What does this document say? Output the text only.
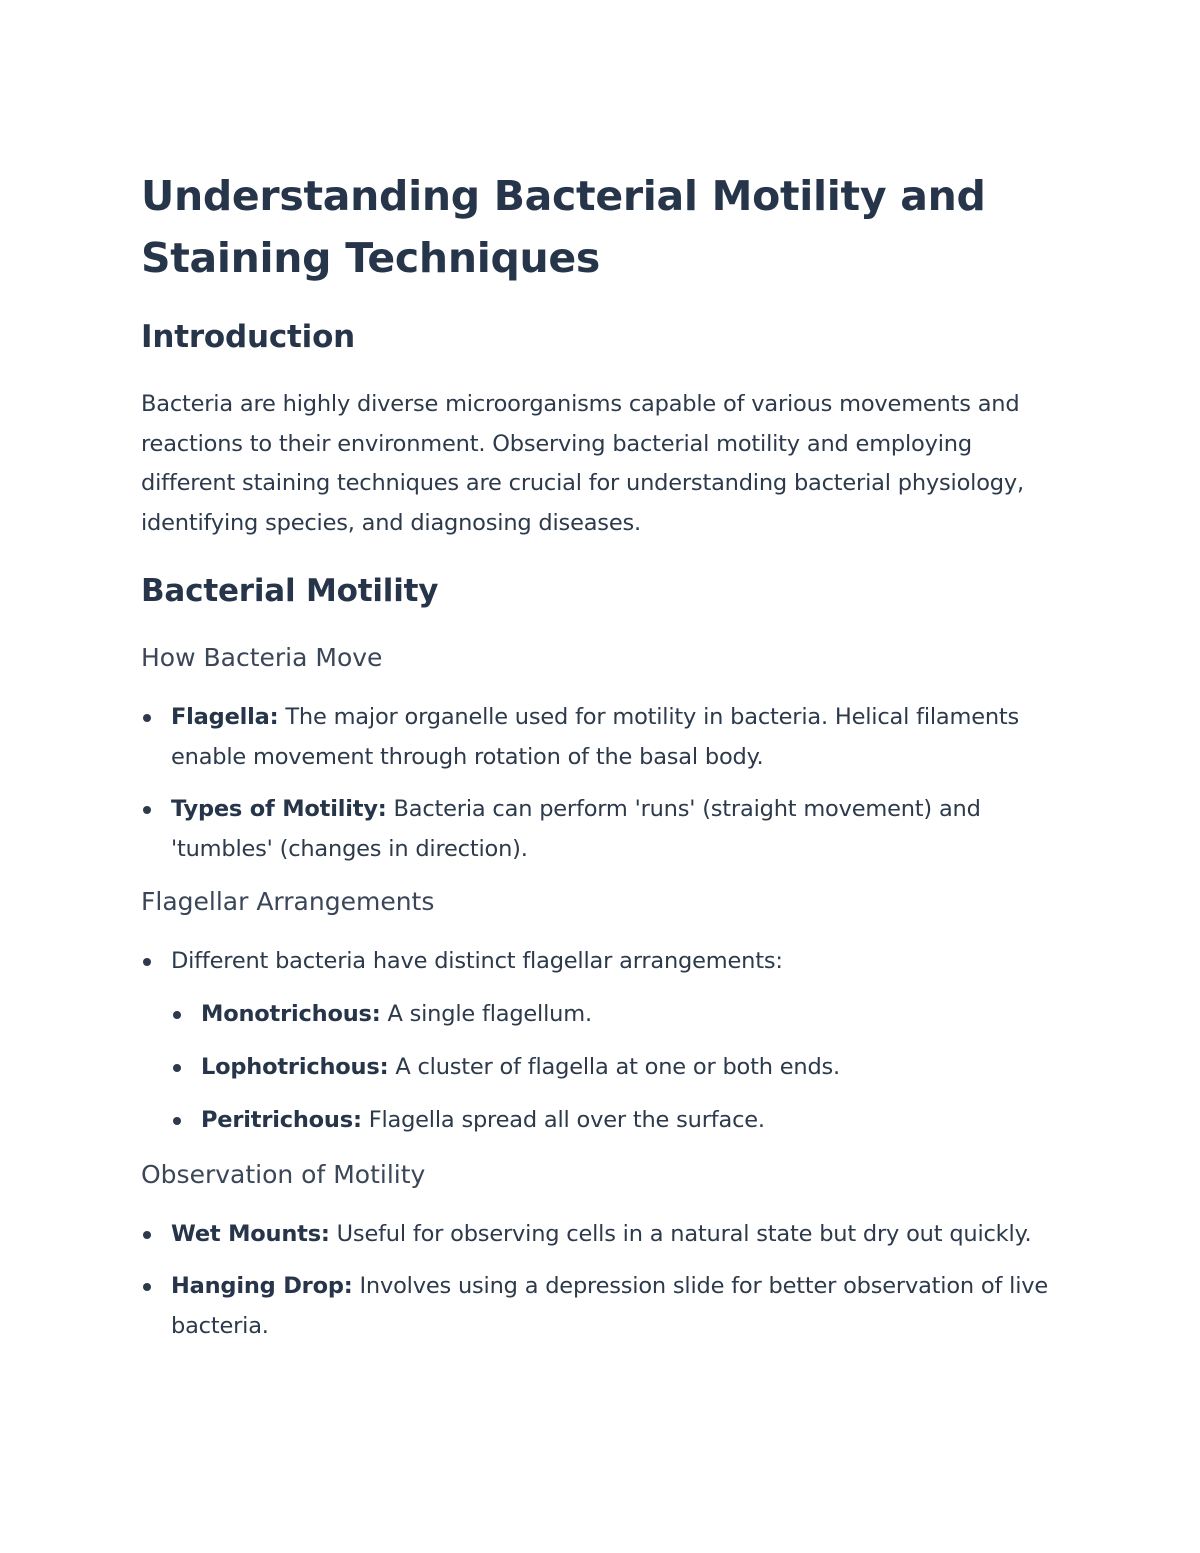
Understanding Bacterial Motility and Staining Techniques
Introduction

Bacteria are highly diverse microorganisms capable of various movements and reactions to their environment. Observing bacterial motility and employing different staining techniques are crucial for understanding bacterial physiology, identifying species, and diagnosing diseases.

Bacterial Motility
How Bacteria Move
Flagella: The major organelle used for motility in bacteria. Helical filaments enable movement through rotation of the basal body.
Types of Motility: Bacteria can perform 'runs' (straight movement) and 'tumbles' (changes in direction).
Flagellar Arrangements
Different bacteria have distinct flagellar arrangements:
Monotrichous: A single flagellum.
Lophotrichous: A cluster of flagella at one or both ends.
Peritrichous: Flagella spread all over the surface.
Observation of Motility
Wet Mounts: Useful for observing cells in a natural state but dry out quickly.
Hanging Drop: Involves using a depression slide for better observation of live bacteria.
